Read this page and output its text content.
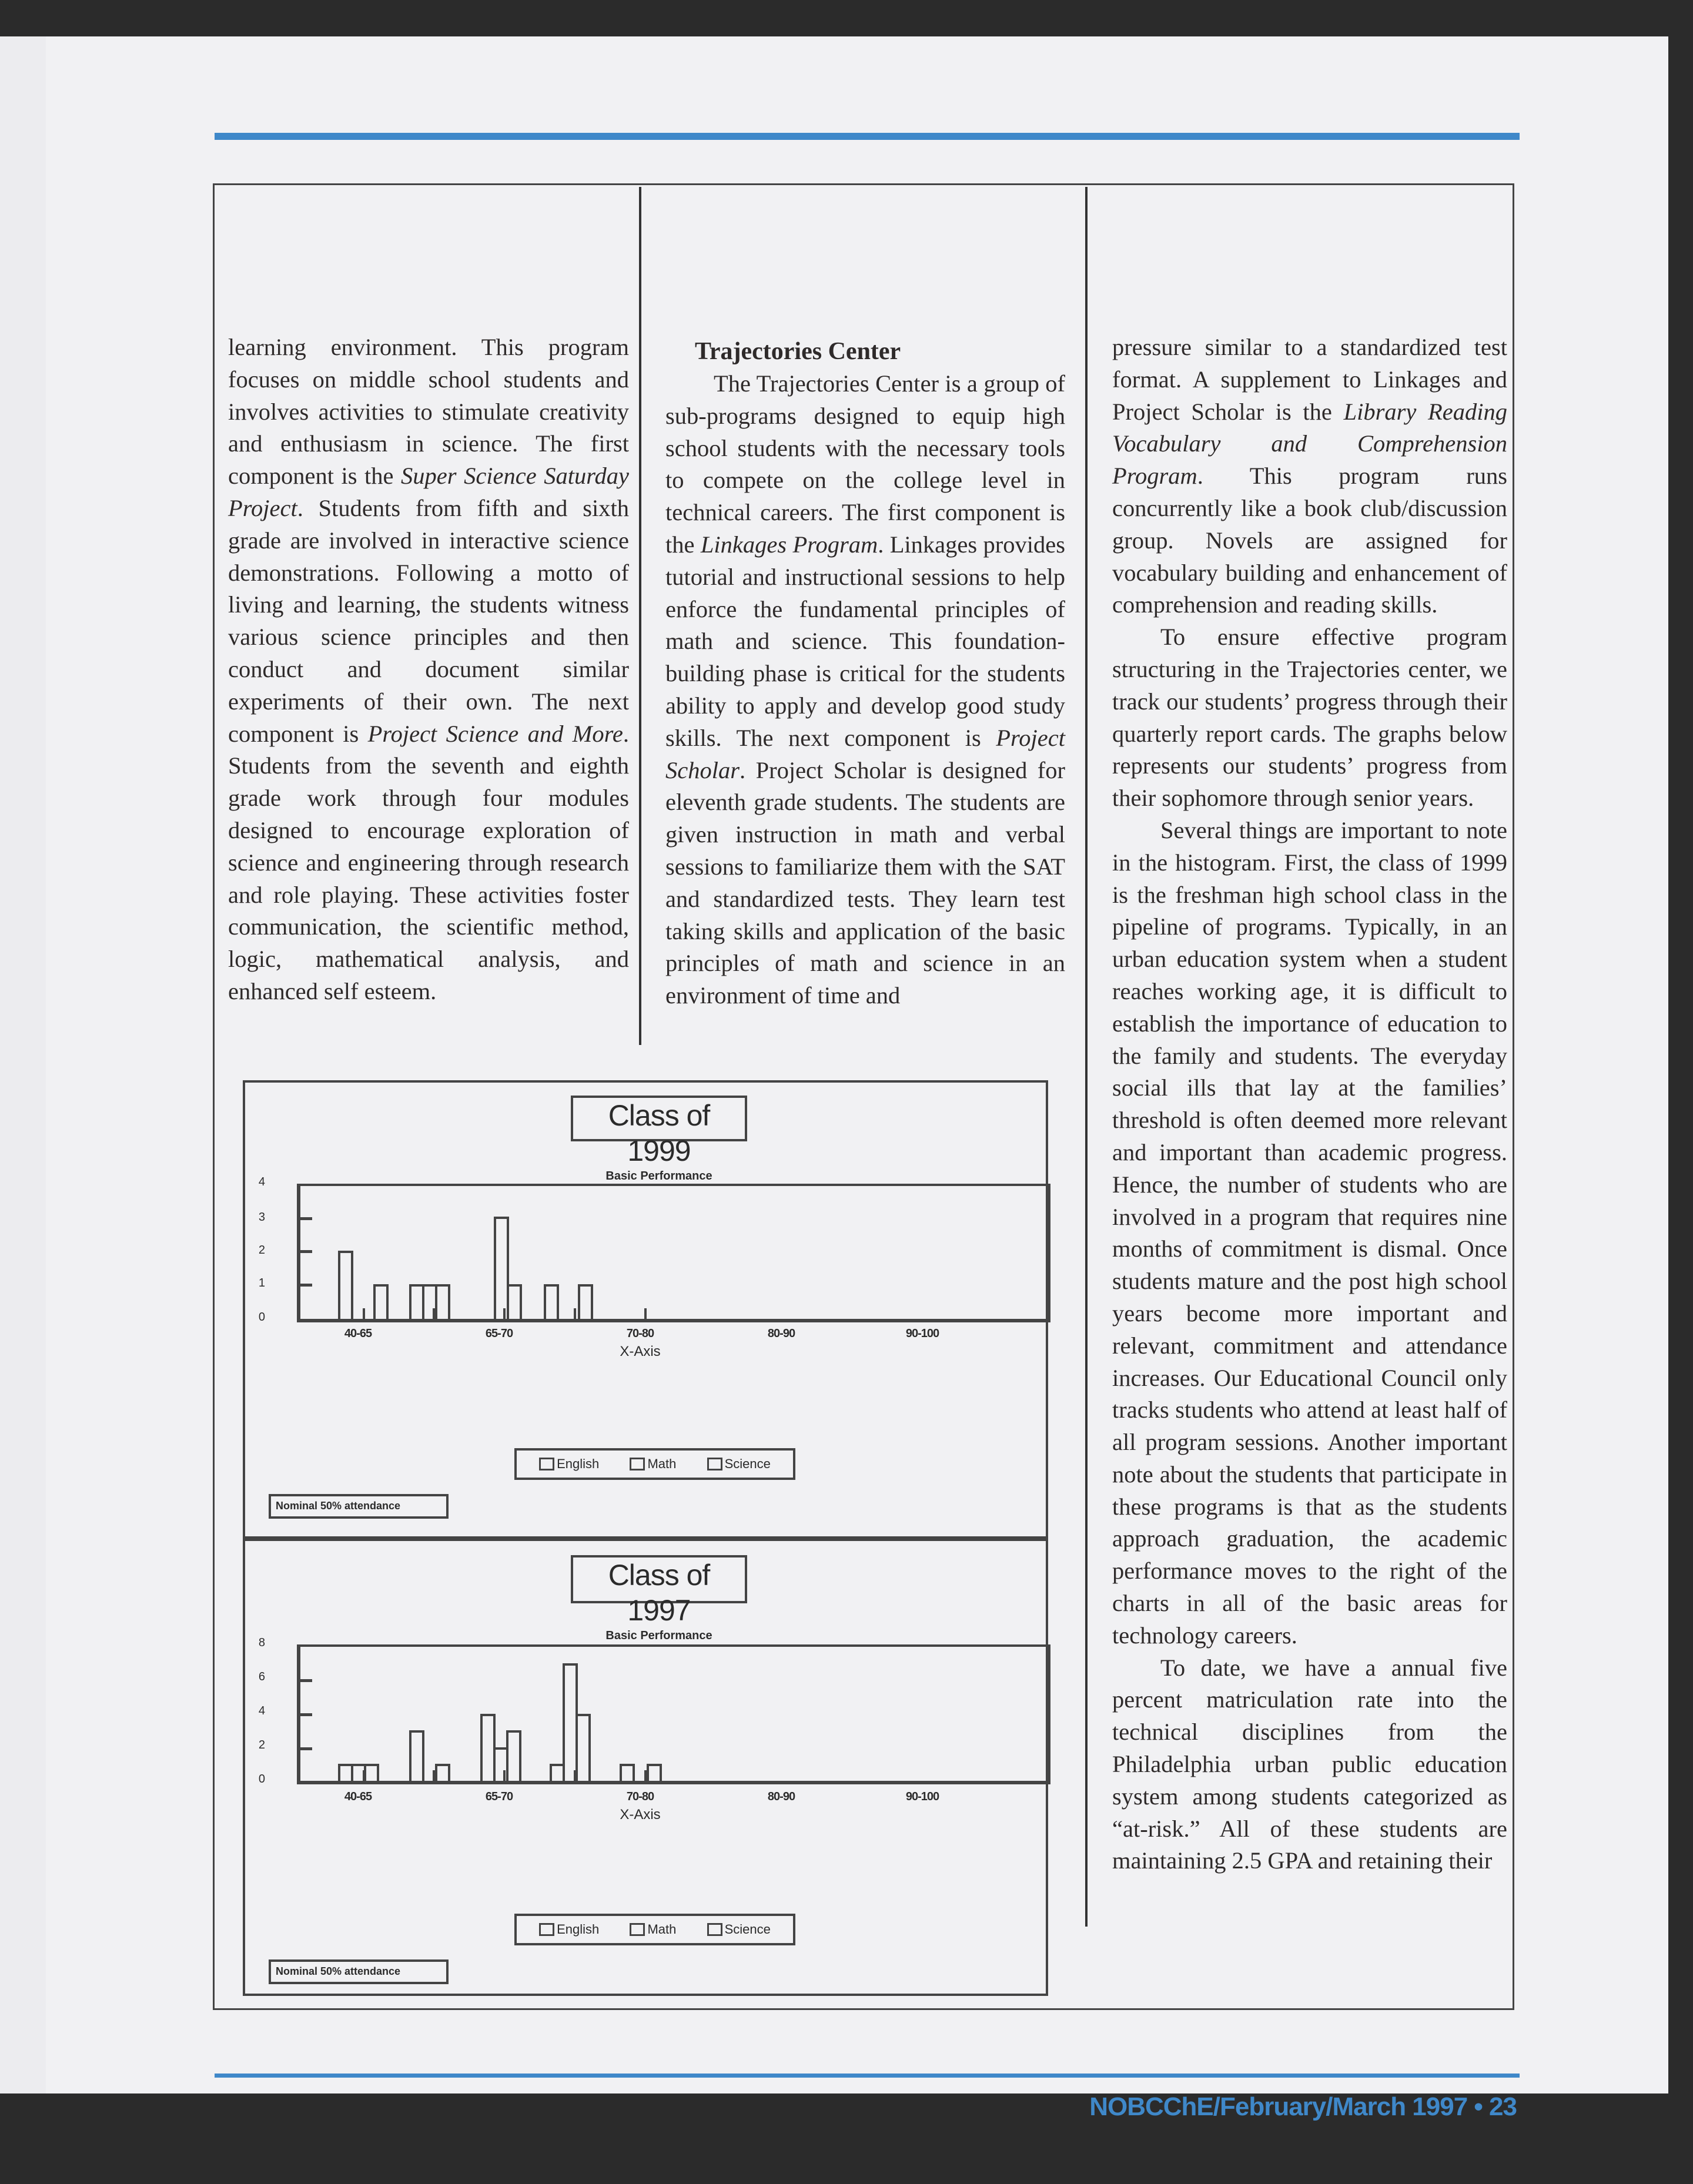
learning environment. This program focuses on middle school students and involves activities to stimulate creativity and enthusiasm in science. The first component is the Super Science Saturday Project. Students from fifth and sixth grade are involved in interactive science demonstrations. Following a motto of living and learning, the students witness various science principles and then conduct and document similar experiments of their own. The next component is Project Science and More. Students from the seventh and eighth grade work through four modules designed to encourage exploration of science and engineering through research and role playing. These activities foster communication, the scientific method, logic, mathematical analysis, and enhanced self esteem.

Trajectories Center

The Trajectories Center is a group of sub-programs designed to equip high school students with the necessary tools to compete on the college level in technical careers. The first component is the Linkages Program. Linkages provides tutorial and instructional sessions to help enforce the fundamental principles of math and science. This foundation-building phase is critical for the students ability to apply and develop good study skills. The next component is Project Scholar. Project Scholar is designed for eleventh grade students. The students are given instruction in math and verbal sessions to familiarize them with the SAT and standardized tests. They learn test taking skills and application of the basic principles of math and science in an environment of time and

pressure similar to a standardized test format. A supplement to Linkages and Project Scholar is the Library Reading Vocabulary and Comprehension Program. This program runs concurrently like a book club/discussion group. Novels are assigned for vocabulary building and enhancement of comprehension and reading skills.

To ensure effective program structuring in the Trajectories center, we track our students’ progress through their quarterly report cards. The graphs below represents our students’ progress from their sophomore through senior years.

Several things are important to note in the histogram. First, the class of 1999 is the freshman high school class in the pipeline of programs. Typically, in an urban education system when a student reaches working age, it is difficult to establish the importance of education to the family and students. The everyday social ills that lay at the families’ threshold is often deemed more relevant and important than academic progress. Hence, the number of students who are involved in a program that requires nine months of commitment is dismal. Once students mature and the post high school years become more important and relevant, commitment and attendance increases. Our Educational Council only tracks students who attend at least half of all program sessions. Another important note about the students that participate in these programs is that as the students approach graduation, the academic performance moves to the right of the charts in all of the basic areas for technology careers.

To date, we have a annual five percent matriculation rate into the technical disciplines from the Philadelphia urban public education system among students categorized as “at-risk.” All of these students are maintaining 2.5 GPA and retaining their

Class of 1999
Basic Performance
4
3
2
1
0
40-65	65-70	70-80	80-90	90-100
X-Axis
English	Math	Science
Nominal 50% attendance
Class of 1997
Basic Performance
8
6
4
2
0
40-65	65-70	70-80	80-90	90-100
X-Axis
English	Math	Science
Nominal 50% attendance
NOBCChE/February/March 1997 • 23
